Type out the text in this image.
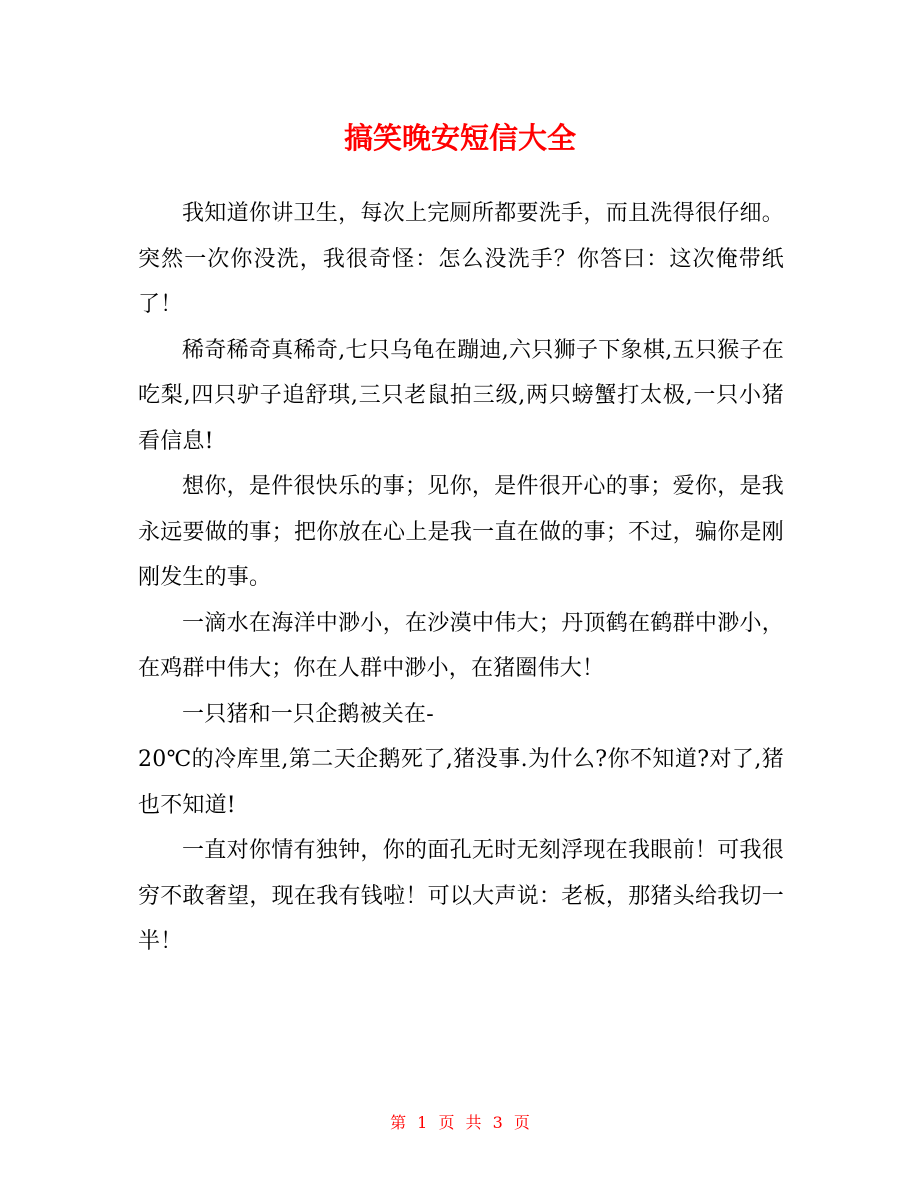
搞笑晚安短信大全

我知道你讲卫生，每次上完厕所都要洗手，而且洗得很仔细。突然一次你没洗，我很奇怪：怎么没洗手？你答曰：这次俺带纸了！

稀奇稀奇真稀奇,七只乌龟在蹦迪,六只狮子下象棋,五只猴子在吃梨,四只驴子追舒琪,三只老鼠拍三级,两只螃蟹打太极,一只小猪看信息!

想你，是件很快乐的事；见你，是件很开心的事；爱你，是我永远要做的事；把你放在心上是我一直在做的事；不过，骗你是刚刚发生的事。

一滴水在海洋中渺小，在沙漠中伟大；丹顶鹤在鹤群中渺小，在鸡群中伟大；你在人群中渺小，在猪圈伟大！

一只猪和一只企鹅被关在-

20℃的冷库里,第二天企鹅死了,猪没事.为什么?你不知道?对了,猪也不知道!

一直对你情有独钟，你的面孔无时无刻浮现在我眼前！可我很穷不敢奢望，现在我有钱啦！可以大声说：老板，那猪头给我切一半！

第 1 页 共 3 页
